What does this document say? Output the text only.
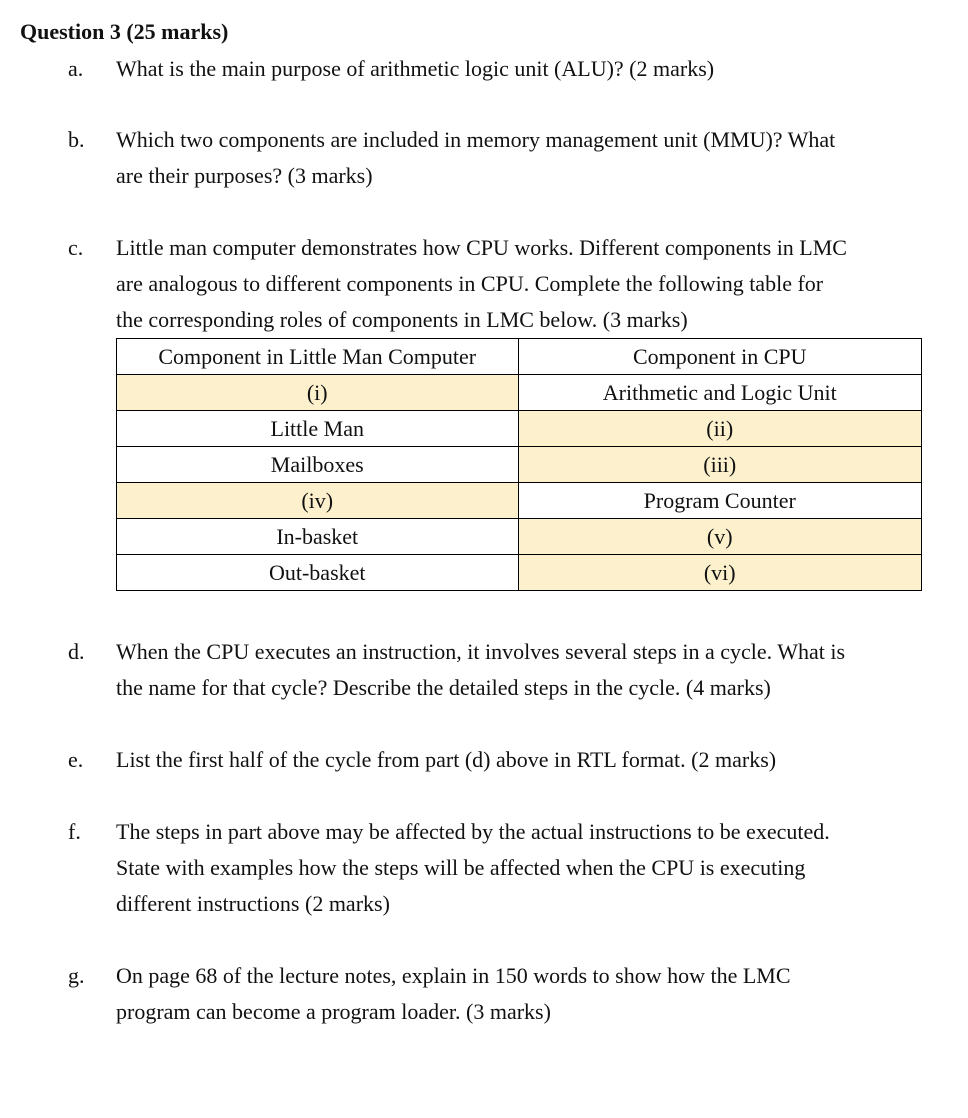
Question 3 (25 marks)
a. What is the main purpose of arithmetic logic unit (ALU)? (2 marks)
b. Which two components are included in memory management unit (MMU)? What
are their purposes? (3 marks)
c. Little man computer demonstrates how CPU works. Different components in LMC
are analogous to different components in CPU. Complete the following table for
the corresponding roles of components in LMC below. (3 marks)
Component in Little Man Computer	Component in CPU
(i)	Arithmetic and Logic Unit
Little Man	(ii)
Mailboxes	(iii)
(iv)	Program Counter
In-basket	(v)
Out-basket	(vi)
d. When the CPU executes an instruction, it involves several steps in a cycle. What is
the name for that cycle? Describe the detailed steps in the cycle. (4 marks)
e. List the first half of the cycle from part (d) above in RTL format. (2 marks)
f. The steps in part above may be affected by the actual instructions to be executed.
State with examples how the steps will be affected when the CPU is executing
different instructions (2 marks)
g. On page 68 of the lecture notes, explain in 150 words to show how the LMC
program can become a program loader. (3 marks)
